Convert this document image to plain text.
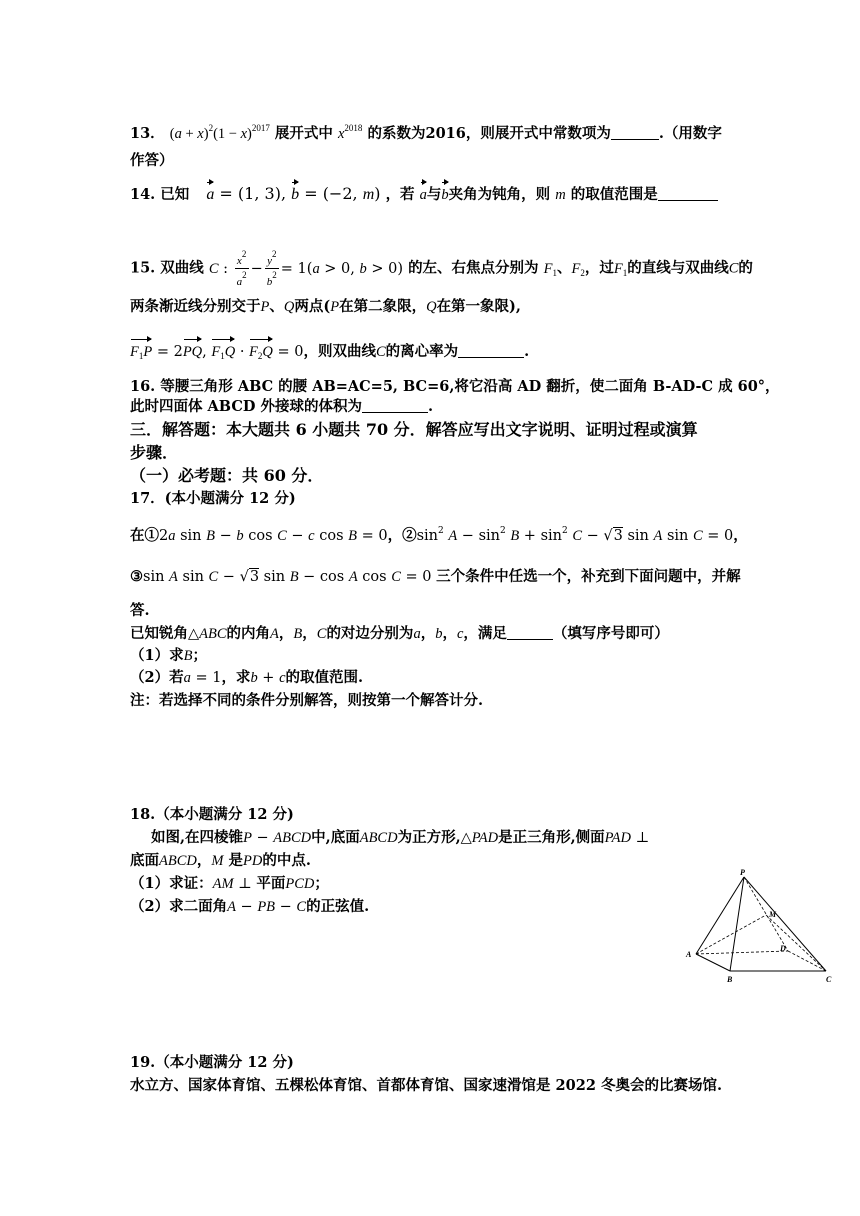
13． $(a + x)^2(1 - x)^{2017}$ 展开式中 $x^{2018}$ 的系数为2016，则展开式中常数项为	.（用数字
作答）
14. 已知 a = (1, 3), b = (−2, m) ，若 a与b夹角为钝角，则 m 的取值范围是
15. 双曲线 C : $\frac{x^2}{a^2} - \frac{y^2}{b^2} = 1(a > 0$, b > 0) 的左、右焦点分别为 $F_1$、$F_2$，过$F_1$的直线与双曲线C的
两条渐近线分别交于P、Q两点(P在第二象限，Q在第一象限),
$F_1P = 2PQ$, $F_1Q \cdot F_2Q = 0$，则双曲线C的离心率为	.
16. 等腰三角形 ABC 的腰 AB=AC=5, BC=6,将它沿高 AD 翻折，使二面角 B-AD-C 成 60°，
此时四面体 ABCD 外接球的体积为	.
三．解答题：本大题共 6 小题共 70 分．解答应写出文字说明、证明过程或演算
步骤．
（一）必考题：共 60 分．
17．(本小题满分 12 分)
在①2a sin B − b cos C − c cos B = 0，$②\sin^2$ $A - \sin^2 B + \sin^2 C - √3$ sin A sin C = 0，
③sin A sin C − √3 sin B − cos A cos C = 0 三个条件中任选一个，补充到下面问题中，并解
答.
已知锐角△ABC的内角A，B，C的对边分别为a，b，c，满足	（填写序号即可）
（1）求B；
（2）若a = 1，求b + c的取值范围.
注：若选择不同的条件分别解答，则按第一个解答计分.
18.（本小题满分 12 分)
如图,在四棱锥P − ABCD中,底面ABCD为正方形,△PAD是正三角形,侧面PAD ⊥
底面ABCD，M 是PD的中点.
（1）求证：AM ⊥ 平面PCD；
（2）求二面角A − PB − C的正弦值.
P
M
D
A
B	C
19.（本小题满分 12 分)
水立方、国家体育馆、五棵松体育馆、首都体育馆、国家速滑馆是 2022 冬奥会的比赛场馆.
